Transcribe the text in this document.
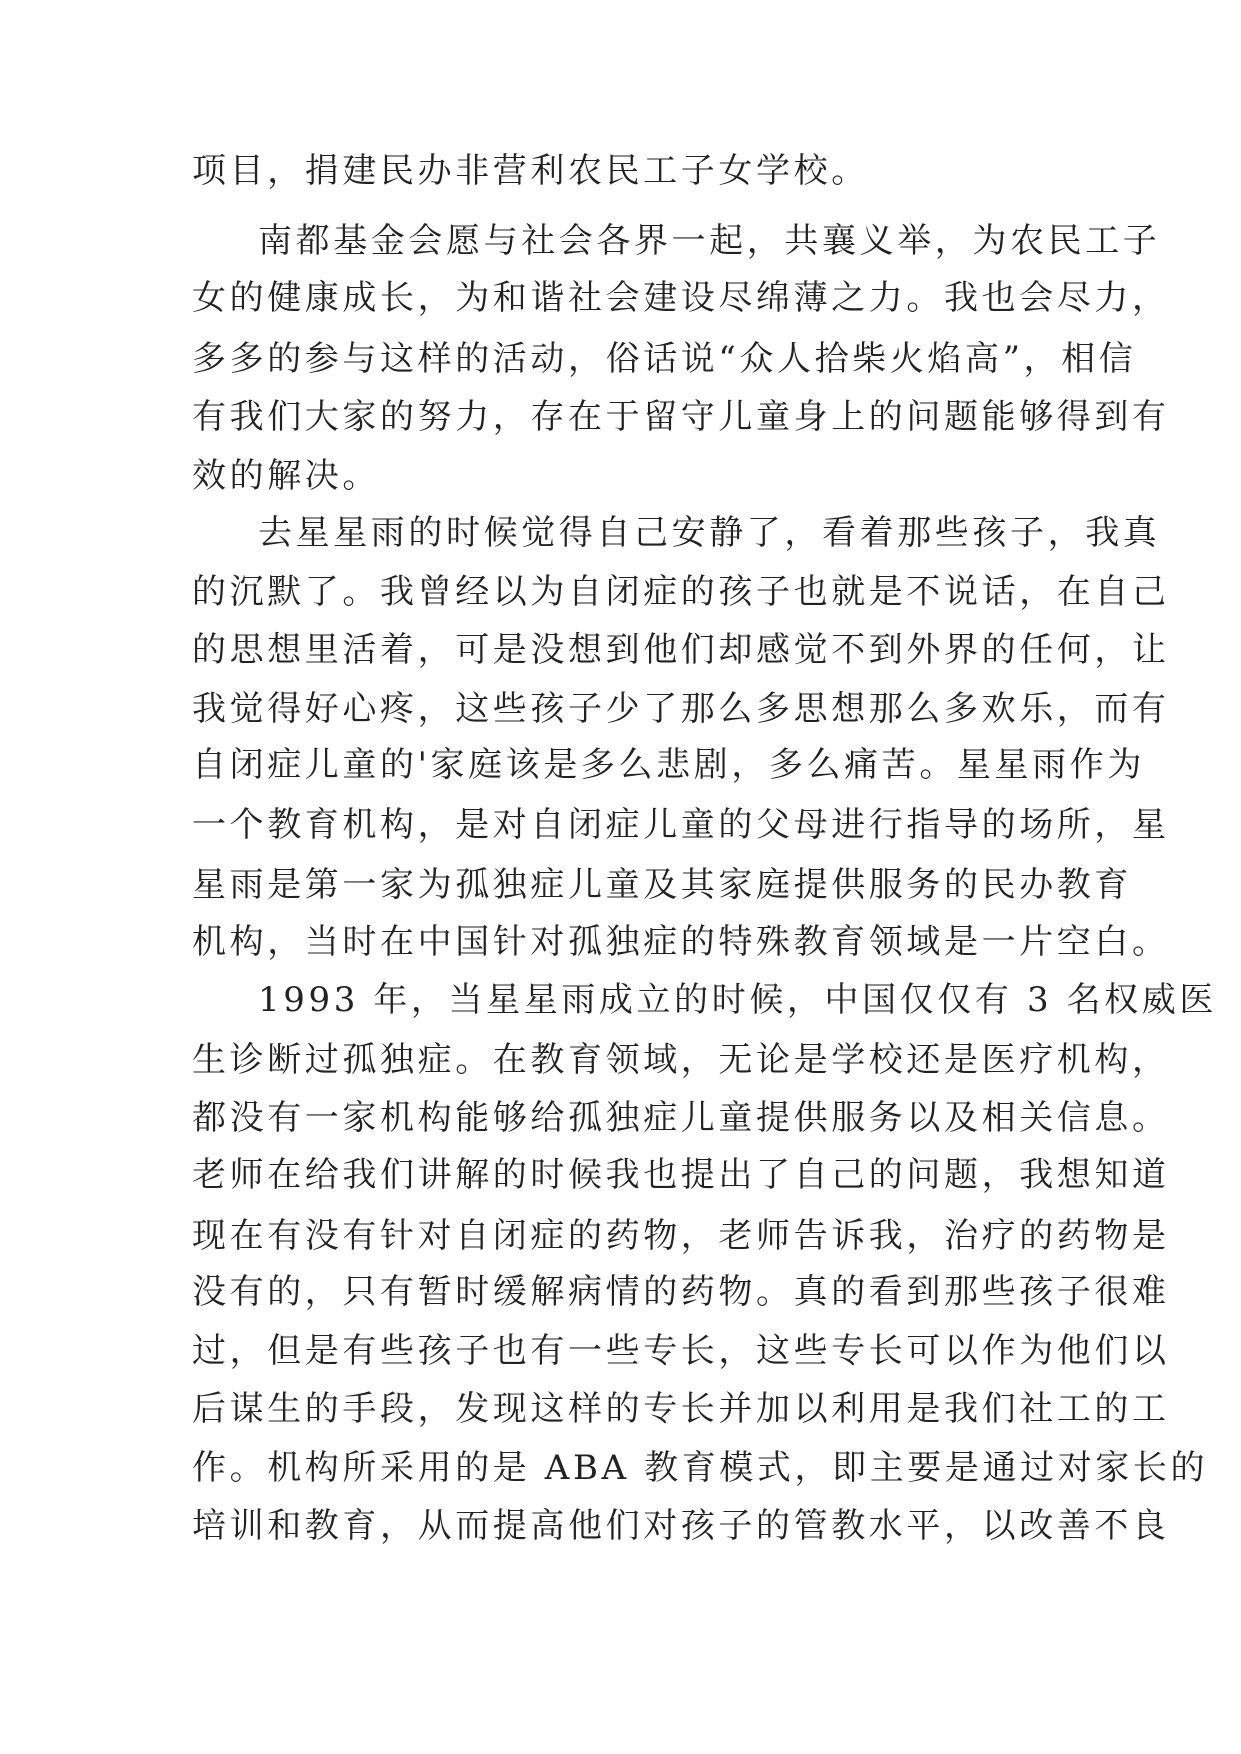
项目，捐建民办非营利农民工子女学校。
南都基金会愿与社会各界一起，共襄义举，为农民工子
女的健康成长，为和谐社会建设尽绵薄之力。我也会尽力，
多多的参与这样的活动，俗话说“众人拾柴火焰高”，相信
有我们大家的努力，存在于留守儿童身上的问题能够得到有
效的解决。
去星星雨的时候觉得自己安静了，看着那些孩子，我真
的沉默了。我曾经以为自闭症的孩子也就是不说话，在自己
的思想里活着，可是没想到他们却感觉不到外界的任何，让
我觉得好心疼，这些孩子少了那么多思想那么多欢乐，而有
自闭症儿童的'家庭该是多么悲剧，多么痛苦。星星雨作为
一个教育机构，是对自闭症儿童的父母进行指导的场所，星
星雨是第一家为孤独症儿童及其家庭提供服务的民办教育
机构，当时在中国针对孤独症的特殊教育领域是一片空白。
1993 年，当星星雨成立的时候，中国仅仅有 3 名权威医
生诊断过孤独症。在教育领域，无论是学校还是医疗机构，
都没有一家机构能够给孤独症儿童提供服务以及相关信息。
老师在给我们讲解的时候我也提出了自己的问题，我想知道
现在有没有针对自闭症的药物，老师告诉我，治疗的药物是
没有的，只有暂时缓解病情的药物。真的看到那些孩子很难
过，但是有些孩子也有一些专长，这些专长可以作为他们以
后谋生的手段，发现这样的专长并加以利用是我们社工的工
作。机构所采用的是 ABA 教育模式，即主要是通过对家长的
培训和教育，从而提高他们对孩子的管教水平，以改善不良
